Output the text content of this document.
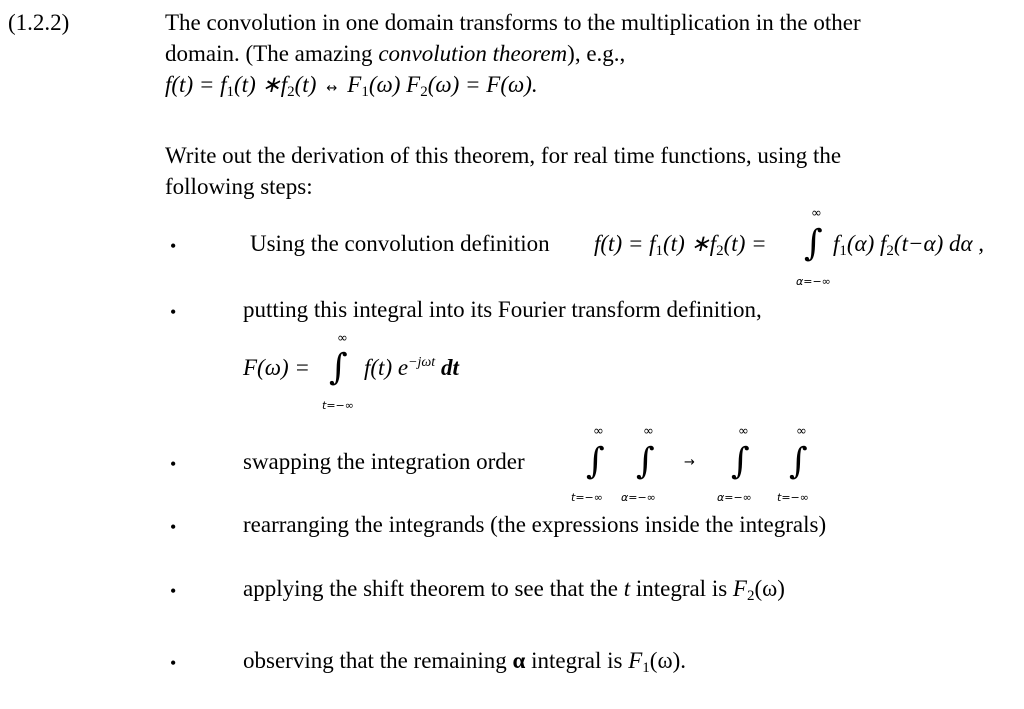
(1.2.2)	The convolution in one domain transforms to the multiplication in the other
domain. (The amazing convolution theorem), e.g.,
$f(t) = f_1(t)$ $∗f_2(t)$ ↔ $F_1(\omega) F_2(\omega) = F(\omega)$.
Write out the derivation of this theorem, for real time functions, using the
following steps:
•	Using the convolution definition $f(t) = f_1(t)$ $∗f_2(t)$ =
∞
∫
α=−∞
$f_1(\alpha)$ $f_2(t-\alpha)$ dα ,
•	putting this integral into its Fourier transform definition,
F(ω) =
∞
∫
t=−∞
f(t) $e^{-j\omega t}$ dt
•	swapping the integration order
∞
∫
t=−∞
∞
∫
α=−∞
→
∞
∫
α=−∞
∞
∫
t=−∞
•	rearranging the integrands (the expressions inside the integrals)
•	applying the shift theorem to see that the t integral is $F_2(\omega)$
•	observing that the remaining α integral is $F_1(\omega)$.
